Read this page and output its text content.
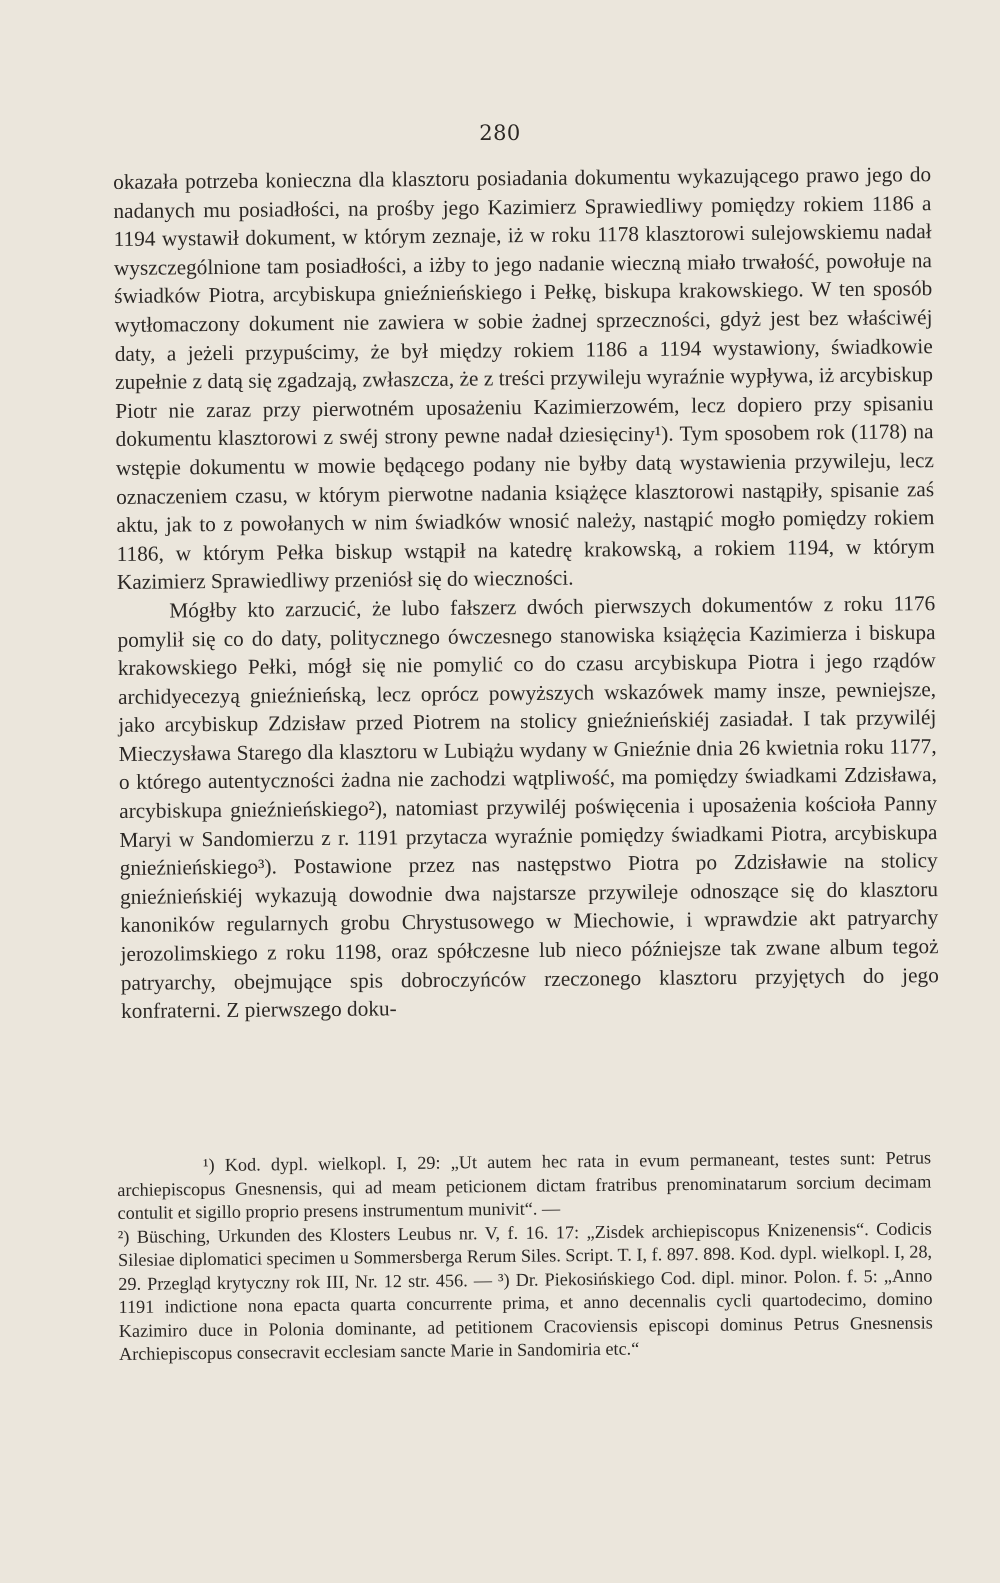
280

okazała potrzeba konieczna dla klasztoru posiadania dokumentu wykazującego prawo jego do nadanych mu posiadłości, na prośby jego Kazimierz Sprawiedliwy pomiędzy rokiem 1186 a 1194 wystawił dokument, w którym zeznaje, iż w roku 1178 klasztorowi sulejowskiemu nadał wyszczególnione tam posiadłości, a iżby to jego nadanie wieczną miało trwałość, powołuje na świadków Piotra, arcybiskupa gnieźnieńskiego i Pełkę, biskupa krakowskiego. W ten sposób wytłomaczony dokument nie zawiera w sobie żadnej sprzeczności, gdyż jest bez właściwéj daty, a jeżeli przypuścimy, że był między rokiem 1186 a 1194 wystawiony, świadkowie zupełnie z datą się zgadzają, zwłaszcza, że z treści przywileju wyraźnie wypływa, iż arcybiskup Piotr nie zaraz przy pierwotném uposażeniu Kazimierzowém, lecz dopiero przy spisaniu dokumentu klasztorowi z swéj strony pewne nadał dziesięciny¹). Tym sposobem rok (1178) na wstępie dokumentu w mowie będącego podany nie byłby datą wystawienia przywileju, lecz oznaczeniem czasu, w którym pierwotne nadania książęce klasztorowi nastąpiły, spisanie zaś aktu, jak to z powołanych w nim świadków wnosić należy, nastąpić mogło pomiędzy rokiem 1186, w którym Pełka biskup wstąpił na katedrę krakowską, a rokiem 1194, w którym Kazimierz Sprawiedliwy przeniósł się do wieczności.

Mógłby kto zarzucić, że lubo fałszerz dwóch pierwszych dokumentów z roku 1176 pomylił się co do daty, politycznego ówczesnego stanowiska książęcia Kazimierza i biskupa krakowskiego Pełki, mógł się nie pomylić co do czasu arcybiskupa Piotra i jego rządów archidyecezyą gnieźnieńską, lecz oprócz powyższych wskazówek mamy insze, pewniejsze, jako arcybiskup Zdzisław przed Piotrem na stolicy gnieźnieńskiéj zasiadał. I tak przywiléj Mieczysława Starego dla klasztoru w Lubiążu wydany w Gnieźnie dnia 26 kwietnia roku 1177, o którego autentyczności żadna nie zachodzi wątpliwość, ma pomiędzy świadkami Zdzisława, arcybiskupa gnieźnieńskiego²), natomiast przywiléj poświęcenia i uposażenia kościoła Panny Maryi w Sandomierzu z r. 1191 przytacza wyraźnie pomiędzy świadkami Piotra, arcybiskupa gnieźnieńskiego³). Postawione przez nas następstwo Piotra po Zdzisławie na stolicy gnieźnieńskiéj wykazują dowodnie dwa najstarsze przywileje odnoszące się do klasztoru kanoników regularnych grobu Chrystusowego w Miechowie, i wprawdzie akt patryarchy jerozolimskiego z roku 1198, oraz spółczesne lub nieco późniejsze tak zwane album tegoż patryarchy, obejmujące spis dobroczyńców rzeczonego klasztoru przyjętych do jego konfraterni. Z pierwszego doku-

¹) Kod. dypl. wielkopl. I, 29: „Ut autem hec rata in evum permaneant, testes sunt: Petrus archiepiscopus Gnesnensis, qui ad meam peticionem dictam fratribus prenominatarum sorcium decimam contulit et sigillo proprio presens instrumentum munivit“. —

²) Büsching, Urkunden des Klosters Leubus nr. V, f. 16. 17: „Zisdek archiepiscopus Knizenensis“. Codicis Silesiae diplomatici specimen u Sommersberga Rerum Siles. Script. T. I, f. 897. 898. Kod. dypl. wielkopl. I, 28, 29. Przegląd krytyczny rok III, Nr. 12 str. 456. — ³) Dr. Piekosińskiego Cod. dipl. minor. Polon. f. 5: „Anno 1191 indictione nona epacta quarta concurrente prima, et anno decennalis cycli quartodecimo, domino Kazimiro duce in Polonia dominante, ad petitionem Cracoviensis episcopi dominus Petrus Gnesnensis Archiepiscopus consecravit ecclesiam sancte Marie in Sandomiria etc.“
